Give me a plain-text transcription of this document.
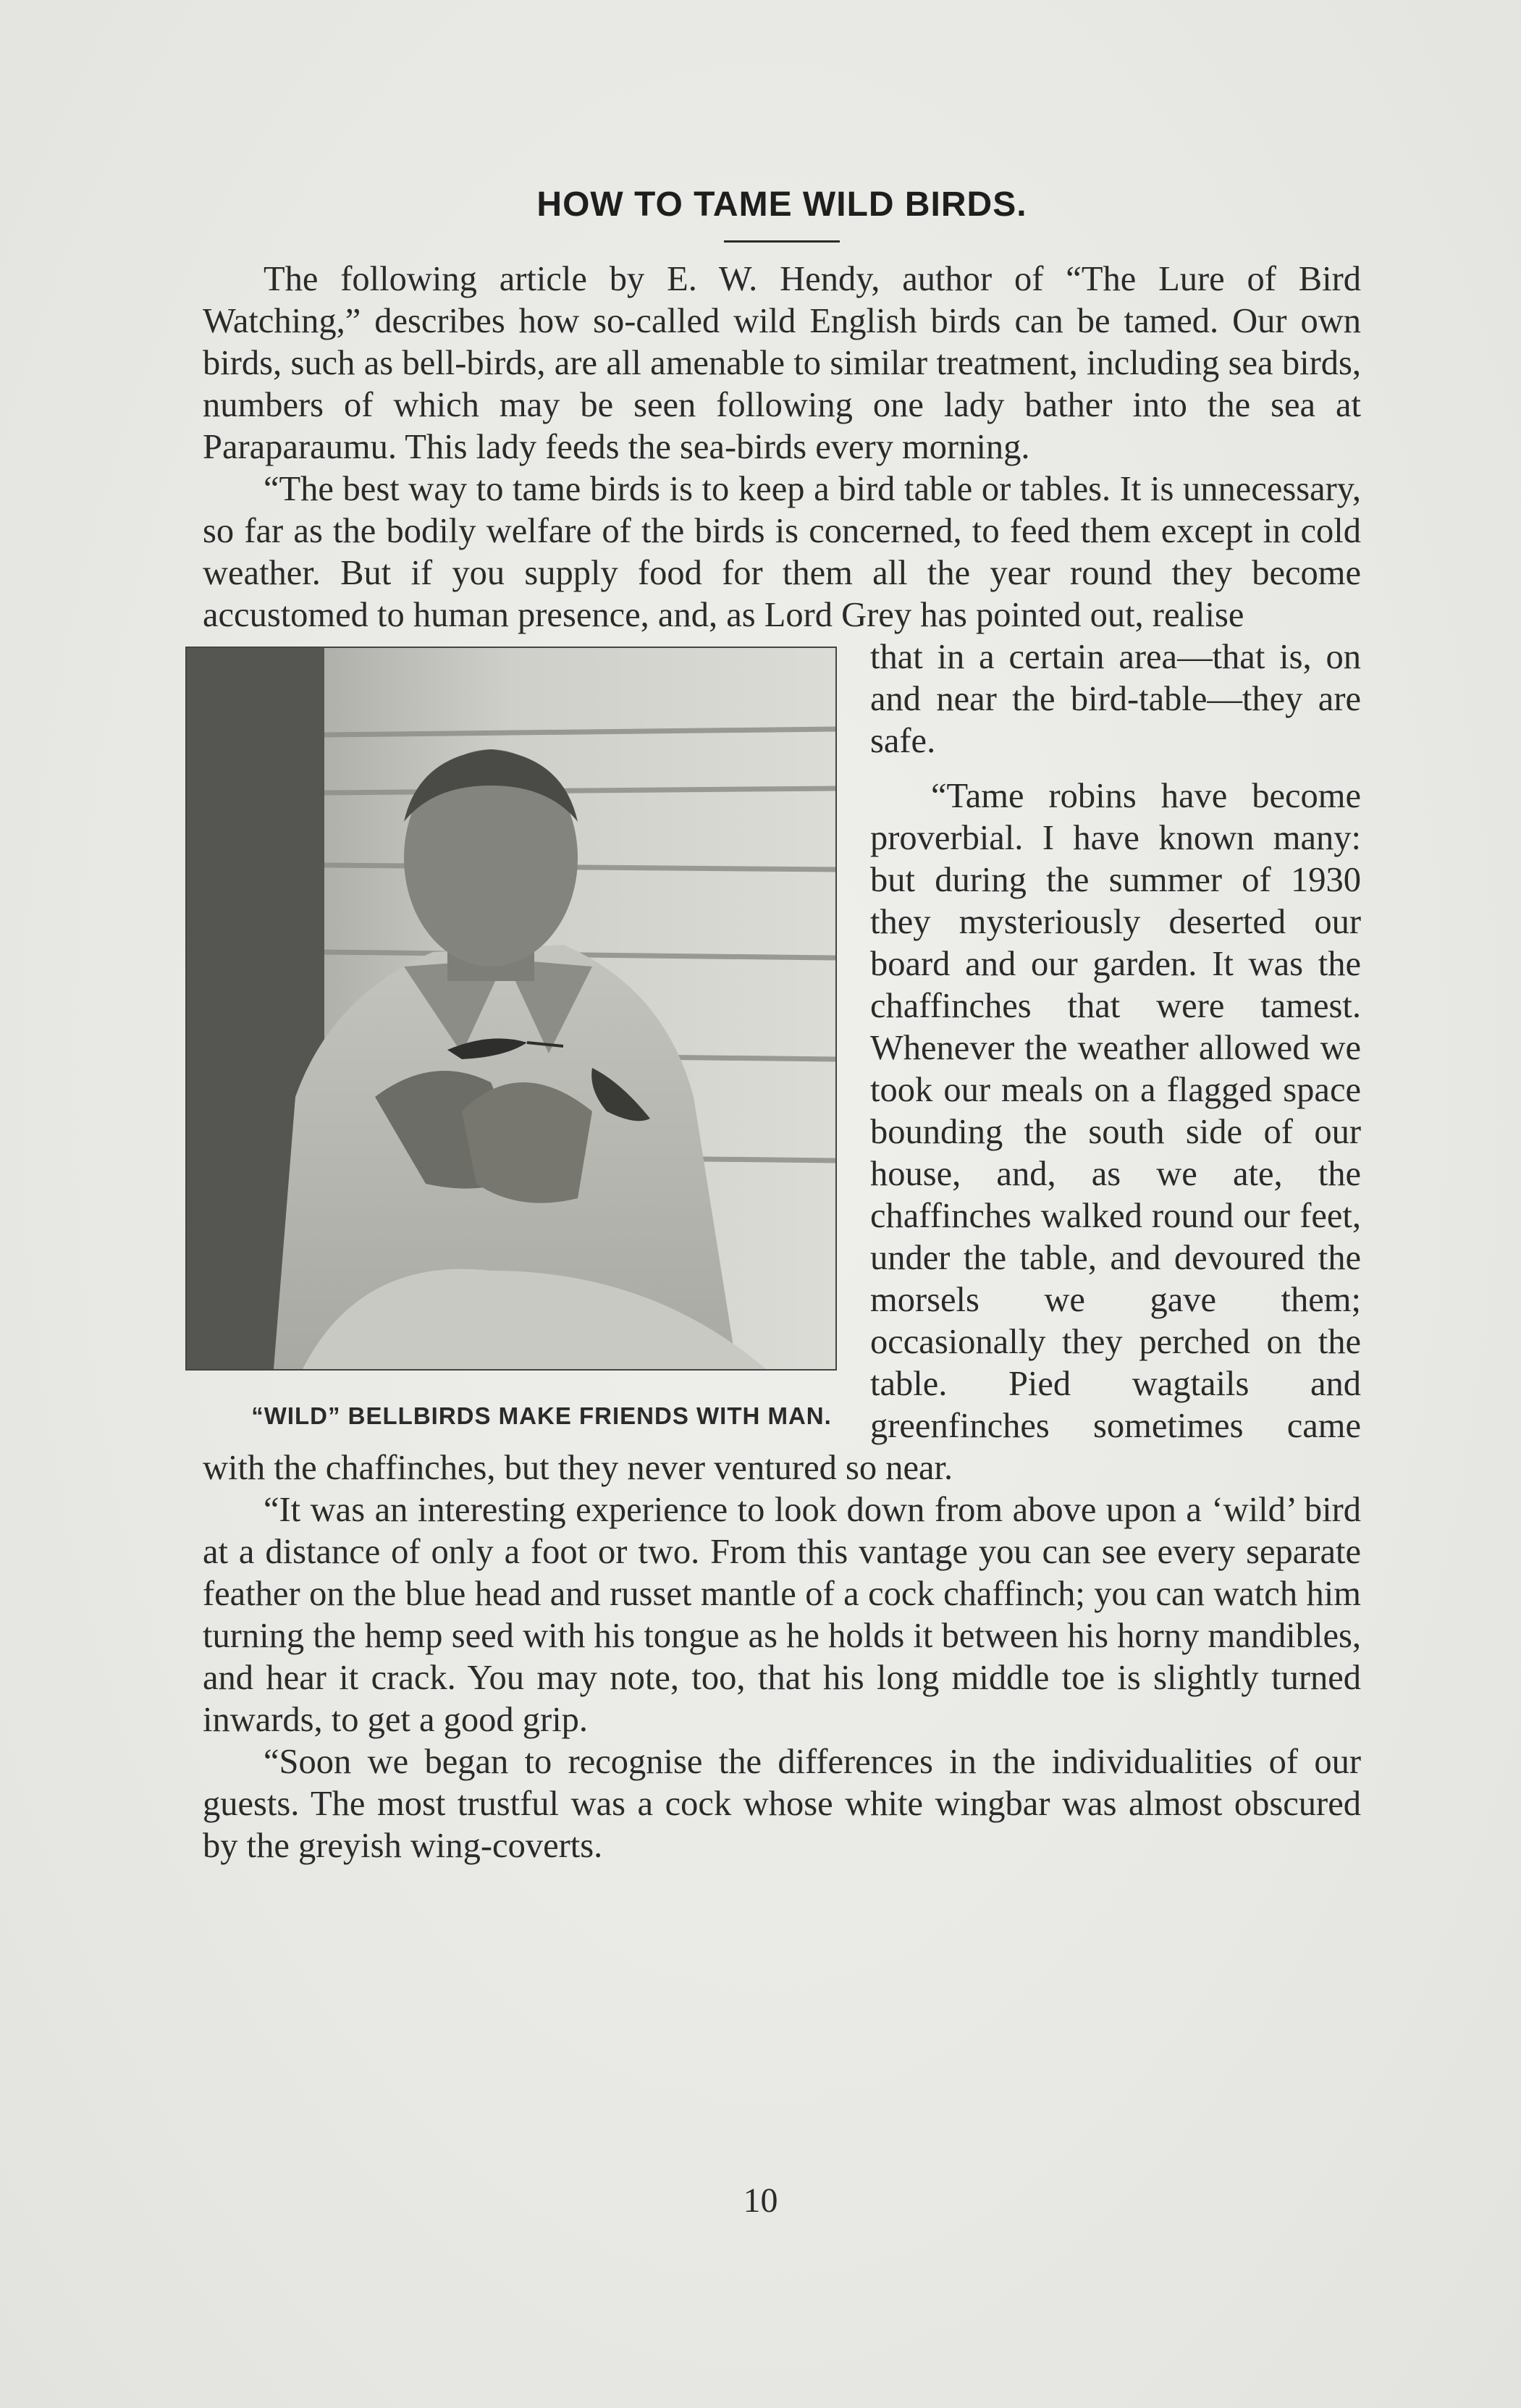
HOW TO TAME WILD BIRDS.

The following article by E. W. Hendy, author of “The Lure of Bird Watching,” describes how so-called wild English birds can be tamed. Our own birds, such as bell-birds, are all amenable to similar treatment, including sea birds, numbers of which may be seen following one lady bather into the sea at Paraparaumu. This lady feeds the sea-birds every morning.

“The best way to tame birds is to keep a bird table or tables. It is unnecessary, so far as the bodily welfare of the birds is concerned, to feed them except in cold weather. But if you supply food for them all the year round they become accustomed to human presence, and, as Lord Grey has pointed out, realise

“WILD” BELLBIRDS MAKE FRIENDS WITH MAN.

that in a certain area—that is, on and near the bird-table—they are safe.

“Tame robins have become proverbial. I have known many: but during the summer of 1930 they mysteriously deserted our board and our garden. It was the chaffinches that were tamest. Whenever the weather allowed we took our meals on a flagged space bounding the south side of our house, and, as we ate, the chaffinches walked round our feet, under the table, and devoured the morsels we gave them; occasionally they perched on the table. Pied wagtails and greenfinches sometimes came with the chaffinches, but they never ventured so near.

“It was an interesting experience to look down from above upon a ‘wild’ bird at a distance of only a foot or two. From this vantage you can see every separate feather on the blue head and russet mantle of a cock chaffinch; you can watch him turning the hemp seed with his tongue as he holds it between his horny mandibles, and hear it crack. You may note, too, that his long middle toe is slightly turned inwards, to get a good grip.

“Soon we began to recognise the differences in the individualities of our guests. The most trustful was a cock whose white wingbar was almost obscured by the greyish wing-coverts.

10
